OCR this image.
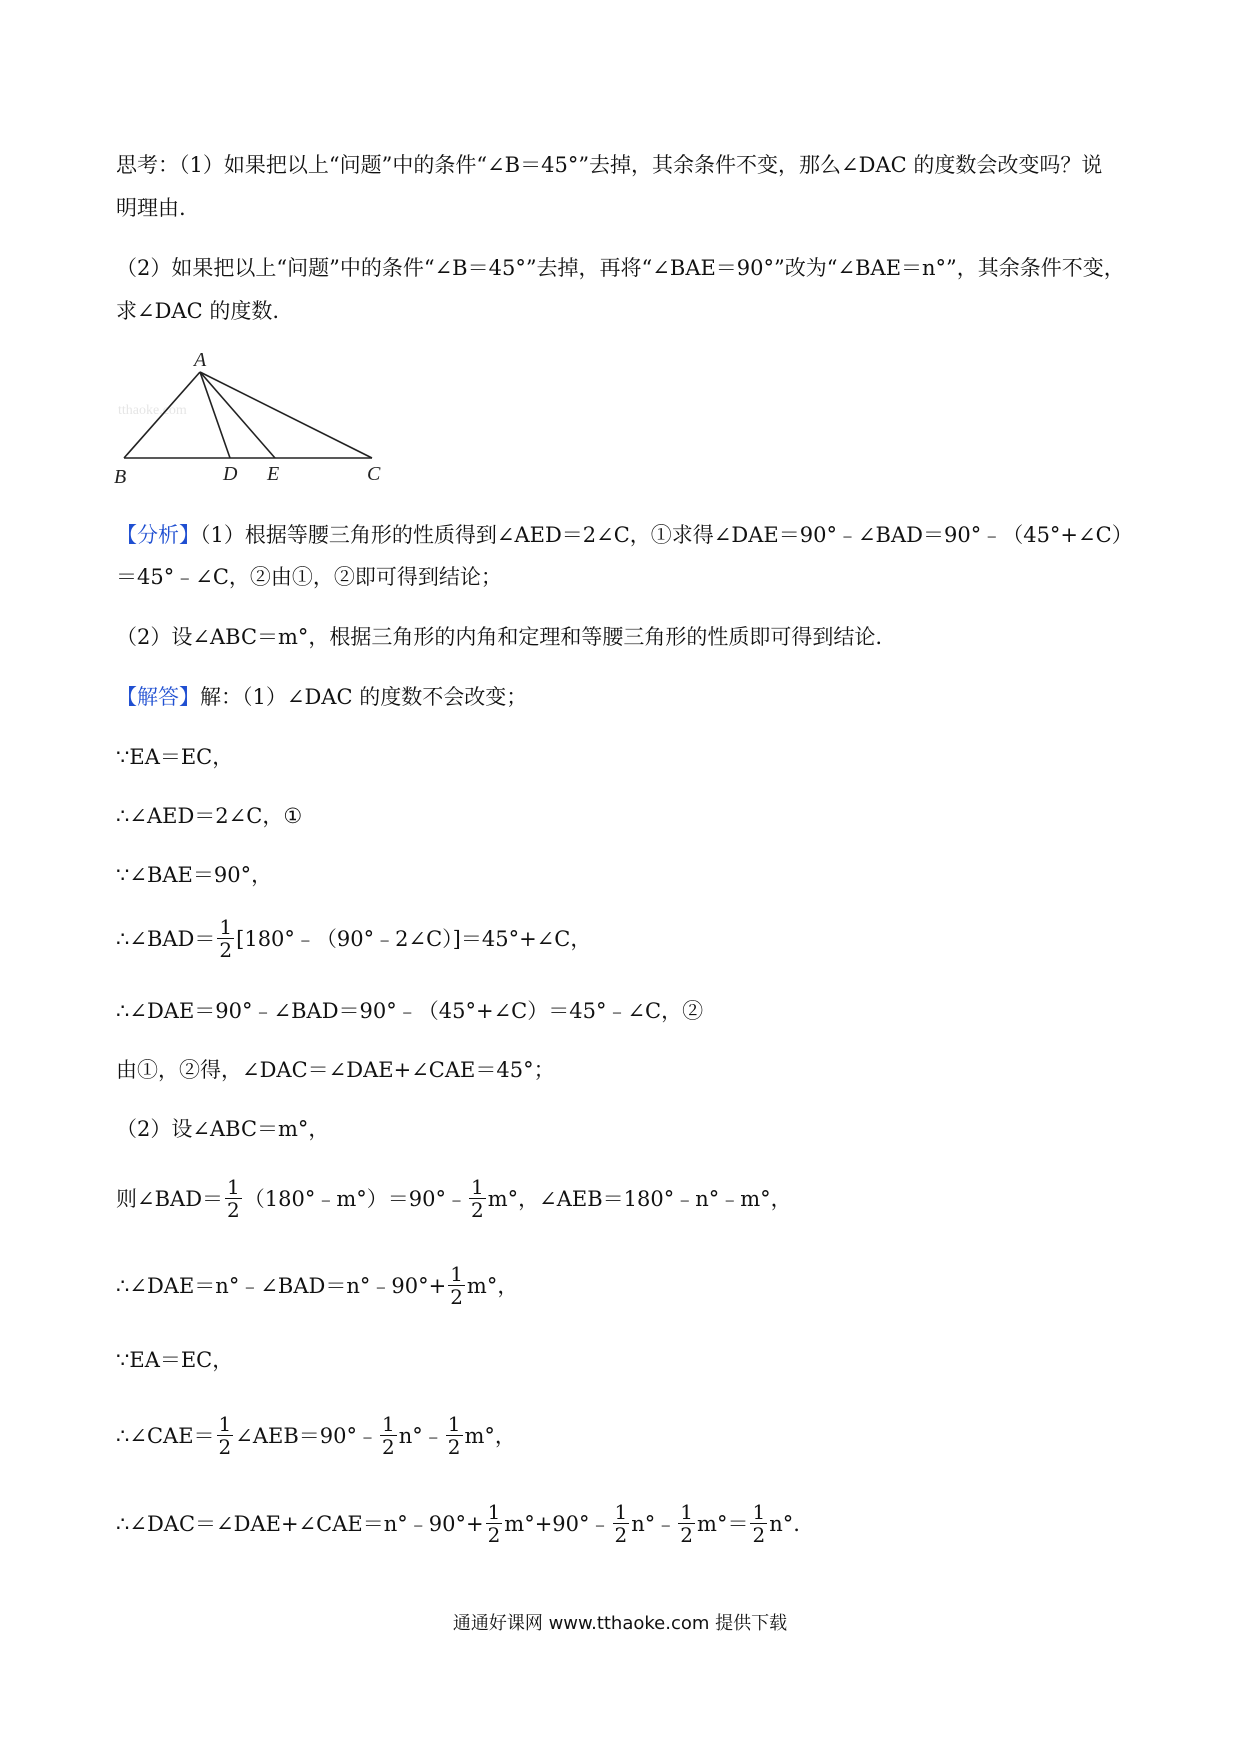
思考：（1）如果把以上“问题”中的条件“∠B＝45°”去掉，其余条件不变，那么∠DAC 的度数会改变吗？说
明理由.
（2）如果把以上“问题”中的条件“∠B＝45°”去掉，再将“∠BAE＝90°”改为“∠BAE＝n°”，其余条件不变，
求∠DAC 的度数.
tthaoke.com
A
B	D E	C
【分析】（1）根据等腰三角形的性质得到∠AED＝2∠C，①求得∠DAE＝90°﹣∠BAD＝90°﹣（45°+∠C）
＝45°﹣∠C，②由①，②即可得到结论；
（2）设∠ABC＝m°，根据三角形的内角和定理和等腰三角形的性质即可得到结论.
【解答】解：（1）∠DAC 的度数不会改变；
∵EA＝EC，
∴∠AED＝2∠C，①
∵∠BAE＝90°，
∴∠BAD＝ $\frac{1}{2}$ [180°﹣（90°﹣2∠C）]＝45°+∠C，
∴∠DAE＝90°﹣∠BAD＝90°﹣（45°+∠C）＝45°﹣∠C，②
由①，②得，∠DAC＝∠DAE+∠CAE＝45°；
（2）设∠ABC＝m°，
则∠BAD＝ $\frac{1}{2}$ （180°﹣m°）＝90°﹣ $\frac{1}{2} m^\circ$，∠AEB＝180°﹣n°﹣m°，
∴∠DAE＝n°﹣∠BAD＝n°﹣90°+ $\frac{1}{2} m^\circ$，
∵EA＝EC，
∴∠CAE＝ $\frac{1}{2}$ ∠AEB＝90°﹣ $\frac{1}{2}$ n°﹣ $\frac{1}{2} m^\circ$，
∴∠DAC＝∠DAE+∠CAE＝n°﹣90°+ $\frac{1}{2}$ m°+90°﹣ $\frac{1}{2}$ n°﹣ $\frac{1}{2} m^\circ= \frac{1}{2} n^\circ$.
通通好课网 www.tthaoke.com 提供下载
